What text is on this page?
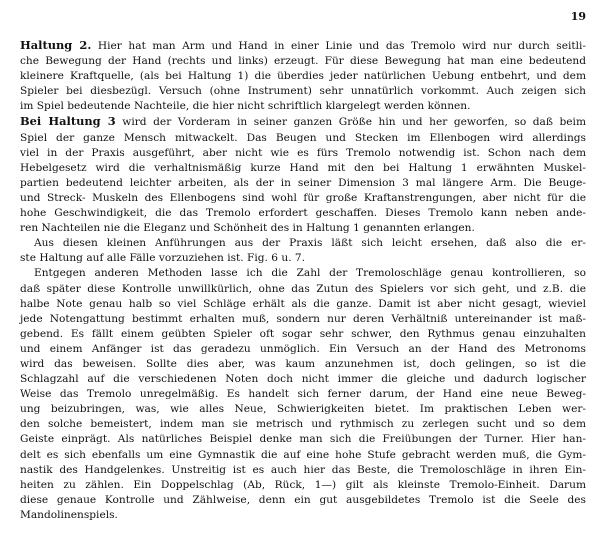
19

Haltung 2. Hier hat man Arm und Hand in einer Linie und das Tremolo wird nur durch seitli-
che Bewegung der Hand (rechts und links) erzeugt. Für diese Bewegung hat man eine bedeutend
kleinere Kraftquelle, (als bei Haltung 1) die überdies jeder natürlichen Uebung entbehrt, und dem
Spieler bei diesbezügl. Versuch (ohne Instrument) sehr unnatürlich vorkommt. Auch zeigen sich
im Spiel bedeutende Nachteile, die hier nicht schriftlich klargelegt werden können.

Bei Haltung 3 wird der Vorderam in seiner ganzen Größe hin und her geworfen, so daß beim
Spiel der ganze Mensch mitwackelt. Das Beugen und Stecken im Ellenbogen wird allerdings
viel in der Praxis ausgeführt, aber nicht wie es fürs Tremolo notwendig ist. Schon nach dem
Hebelgesetz wird die verhaltnismäßig kurze Hand mit den bei Haltung 1 erwähnten Muskel-
partien bedeutend leichter arbeiten, als der in seiner Dimension 3 mal längere Arm. Die Beuge-
und Streck- Muskeln des Ellenbogens sind wohl für große Kraftanstrengungen, aber nicht für die
hohe Geschwindigkeit, die das Tremolo erfordert geschaffen. Dieses Tremolo kann neben ande-
ren Nachteilen nie die Eleganz und Schönheit des in Haltung 1 genannten erlangen.

Aus diesen kleinen Anführungen aus der Praxis läßt sich leicht ersehen, daß also die er-
ste Haltung auf alle Fälle vorzuziehen ist. Fig. 6 u. 7.

Entgegen anderen Methoden lasse ich die Zahl der Tremoloschläge genau kontrollieren, so
daß später diese Kontrolle unwillkürlich, ohne das Zutun des Spielers vor sich geht, und z.B. die
halbe Note genau halb so viel Schläge erhält als die ganze. Damit ist aber nicht gesagt, wieviel
jede Notengattung bestimmt erhalten muß, sondern nur deren Verhältniß untereinander ist maß-
gebend. Es fällt einem geübten Spieler oft sogar sehr schwer, den Rythmus genau einzuhalten
und einem Anfänger ist das geradezu unmöglich. Ein Versuch an der Hand des Metronoms
wird das beweisen. Sollte dies aber, was kaum anzunehmen ist, doch gelingen, so ist die
Schlagzahl auf die verschiedenen Noten doch nicht immer die gleiche und dadurch logischer
Weise das Tremolo unregelmäßig. Es handelt sich ferner darum, der Hand eine neue Beweg-
ung beizubringen, was, wie alles Neue, Schwierigkeiten bietet. Im praktischen Leben wer-
den solche bemeistert, indem man sie metrisch und rythmisch zu zerlegen sucht und so dem
Geiste einprägt. Als natürliches Beispiel denke man sich die Freiübungen der Turner. Hier han-
delt es sich ebenfalls um eine Gymnastik die auf eine hohe Stufe gebracht werden muß, die Gym-
nastik des Handgelenkes. Unstreitig ist es auch hier das Beste, die Tremoloschläge in ihren Ein-
heiten zu zählen. Ein Doppelschlag (Ab, Rück, 1—) gilt als kleinste Tremolo-Einheit. Darum
diese genaue Kontrolle und Zählweise, denn ein gut ausgebildetes Tremolo ist die Seele des
Mandolinenspiels.
